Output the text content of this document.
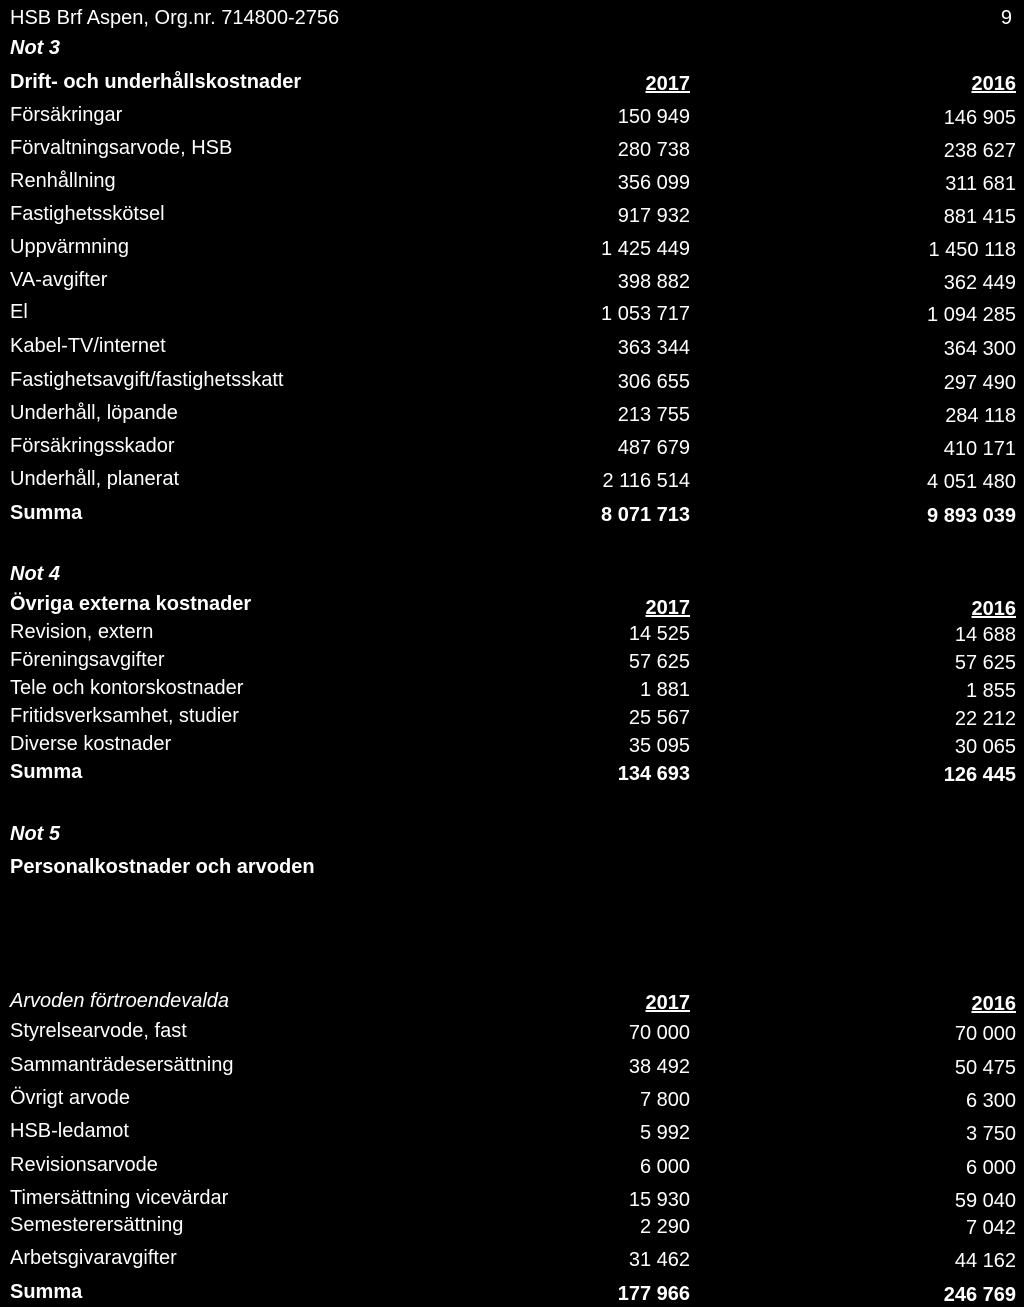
HSB Brf Aspen, Org.nr. 714800-2756	9
Not 3
Drift- och underhållskostnader	2017	2016
Försäkringar	150 949	146 905
Förvaltningsarvode, HSB	280 738	238 627
Renhållning	356 099	311 681
Fastighetsskötsel	917 932	881 415
Uppvärmning	1 425 449	1 450 118
VA-avgifter	398 882	362 449
El	1 053 717	1 094 285
Kabel-TV/internet	363 344	364 300
Fastighetsavgift/fastighetsskatt	306 655	297 490
Underhåll, löpande	213 755	284 118
Försäkringsskador	487 679	410 171
Underhåll, planerat	2 116 514	4 051 480
Summa	8 071 713	9 893 039
Not 4
Övriga externa kostnader	2017	2016
Revision, extern	14 525	14 688
Föreningsavgifter	57 625	57 625
Tele och kontorskostnader	1 881	1 855
Fritidsverksamhet, studier	25 567	22 212
Diverse kostnader	35 095	30 065
Summa	134 693	126 445
Not 5
Personalkostnader och arvoden
Arvoden förtroendevalda	2017	2016
Styrelsearvode, fast	70 000	70 000
Sammanträdesersättning	38 492	50 475
Övrigt arvode	7 800	6 300
HSB-ledamot	5 992	3 750
Revisionsarvode	6 000	6 000
Timersättning vicevärdar	15 930	59 040
Semesterersättning	2 290	7 042
Arbetsgivaravgifter	31 462	44 162
Summa	177 966	246 769
